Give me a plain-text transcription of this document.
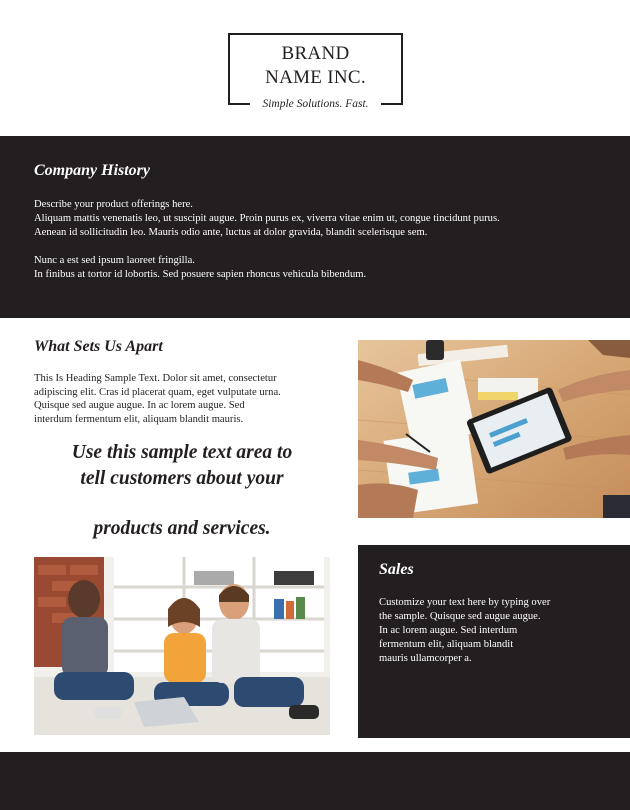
BRAND
NAME INC.
Simple Solutions. Fast.
Company History

Describe your product offerings here.

Aliquam mattis venenatis leo, ut suscipit augue. Proin purus ex, viverra vitae enim ut, congue tincidunt purus.

Aenean id sollicitudin leo. Mauris odio ante, luctus at dolor gravida, blandit scelerisque sem.

Nunc a est sed ipsum laoreet fringilla.

In finibus at tortor id lobortis. Sed posuere sapien rhoncus vehicula bibendum.

What Sets Us Apart

This Is Heading Sample Text. Dolor sit amet, consectetur

adipiscing elit. Cras id placerat quam, eget vulputate urna.

Quisque sed augue augue. In ac lorem augue. Sed

interdum fermentum elit, aliquam blandit mauris.

Use this sample text area to
tell customers about your
products and services.
Sales

Customize your text here by typing over

the sample. Quisque sed augue augue.

In ac lorem augue. Sed interdum

fermentum elit, aliquam blandit

mauris ullamcorper a.
